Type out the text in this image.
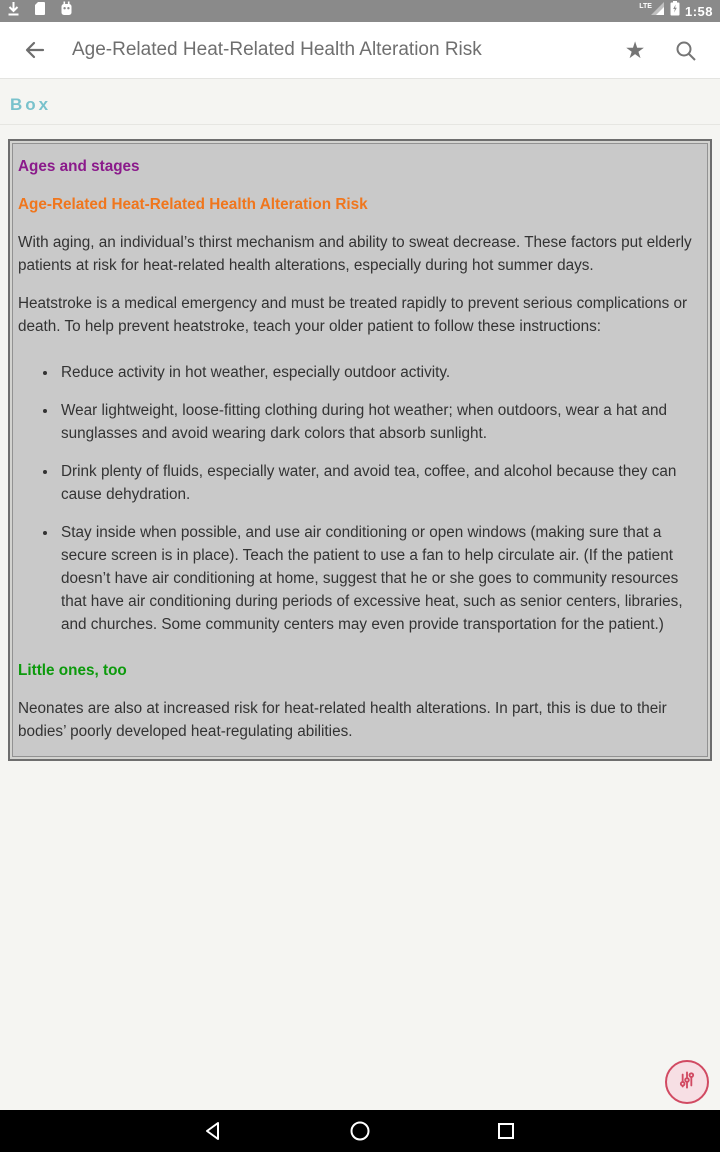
LTE	1:58
Age-Related Heat-Related Health Alteration Risk	★
Box
Ages and stages
Age-Related Heat-Related Health Alteration Risk

With aging, an individual’s thirst mechanism and ability to sweat decrease. These factors put elderly patients at risk for heat-related health alterations, especially during hot summer days.

Heatstroke is a medical emergency and must be treated rapidly to prevent serious complications or death. To help prevent heatstroke, teach your older patient to follow these instructions:

• Reduce activity in hot weather, especially outdoor activity.
• Wear lightweight, loose-fitting clothing during hot weather; when outdoors, wear a hat and sunglasses and avoid wearing dark colors that absorb sunlight.
• Drink plenty of fluids, especially water, and avoid tea, coffee, and alcohol because they can cause dehydration.
• Stay inside when possible, and use air conditioning or open windows (making sure that a secure screen is in place). Teach the patient to use a fan to help circulate air. (If the patient doesn’t have air conditioning at home, suggest that he or she goes to community resources that have air conditioning during periods of excessive heat, such as senior centers, libraries, and churches. Some community centers may even provide transportation for the patient.)
Little ones, too

Neonates are also at increased risk for heat-related health alterations. In part, this is due to their bodies’ poorly developed heat-regulating abilities.
